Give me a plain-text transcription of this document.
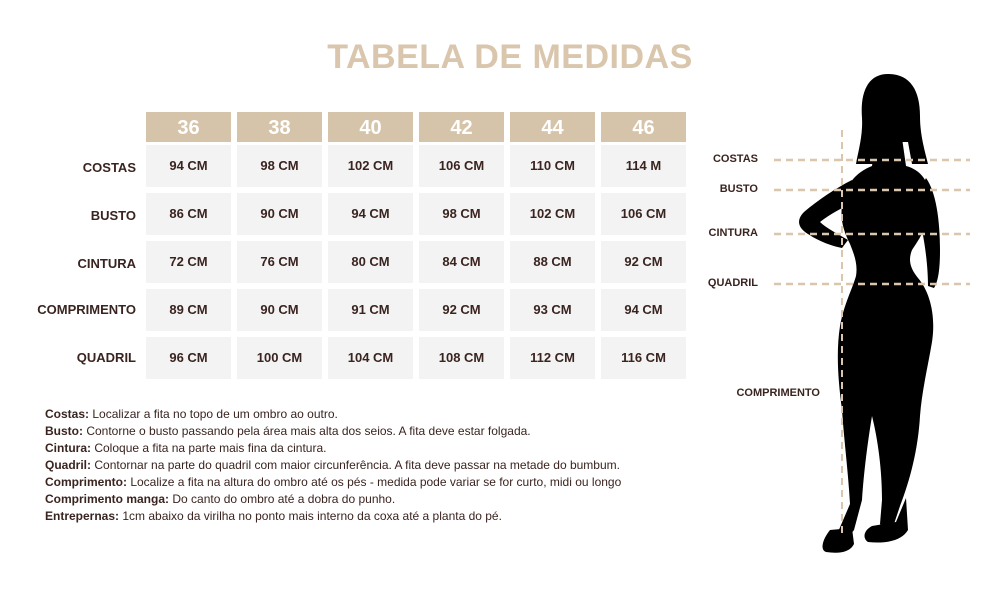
TABELA DE MEDIDAS
36	38	40	42	44	46
COSTAS	94 CM	98 CM	102 CM	106 CM	110 CM	114 M
BUSTO	86 CM	90 CM	94 CM	98 CM	102 CM	106 CM
CINTURA	72 CM	76 CM	80 CM	84 CM	88 CM	92 CM
COMPRIMENTO	89 CM	90 CM	91 CM	92 CM	93 CM	94 CM
QUADRIL	96 CM	100 CM	104 CM	108 CM	112 CM	116 CM
Costas: Localizar a fita no topo de um ombro ao outro.
Busto: Contorne o busto passando pela área mais alta dos seios. A fita deve estar folgada.
Cintura: Coloque a fita na parte mais fina da cintura.
Quadril: Contornar na parte do quadril com maior circunferência. A fita deve passar na metade do bumbum.
Comprimento: Localize a fita na altura do ombro até os pés - medida pode variar se for curto, midi ou longo
Comprimento manga: Do canto do ombro até a dobra do punho.
Entrepernas: 1cm abaixo da virilha no ponto mais interno da coxa até a planta do pé.
COSTAS
BUSTO
CINTURA
QUADRIL
COMPRIMENTO
